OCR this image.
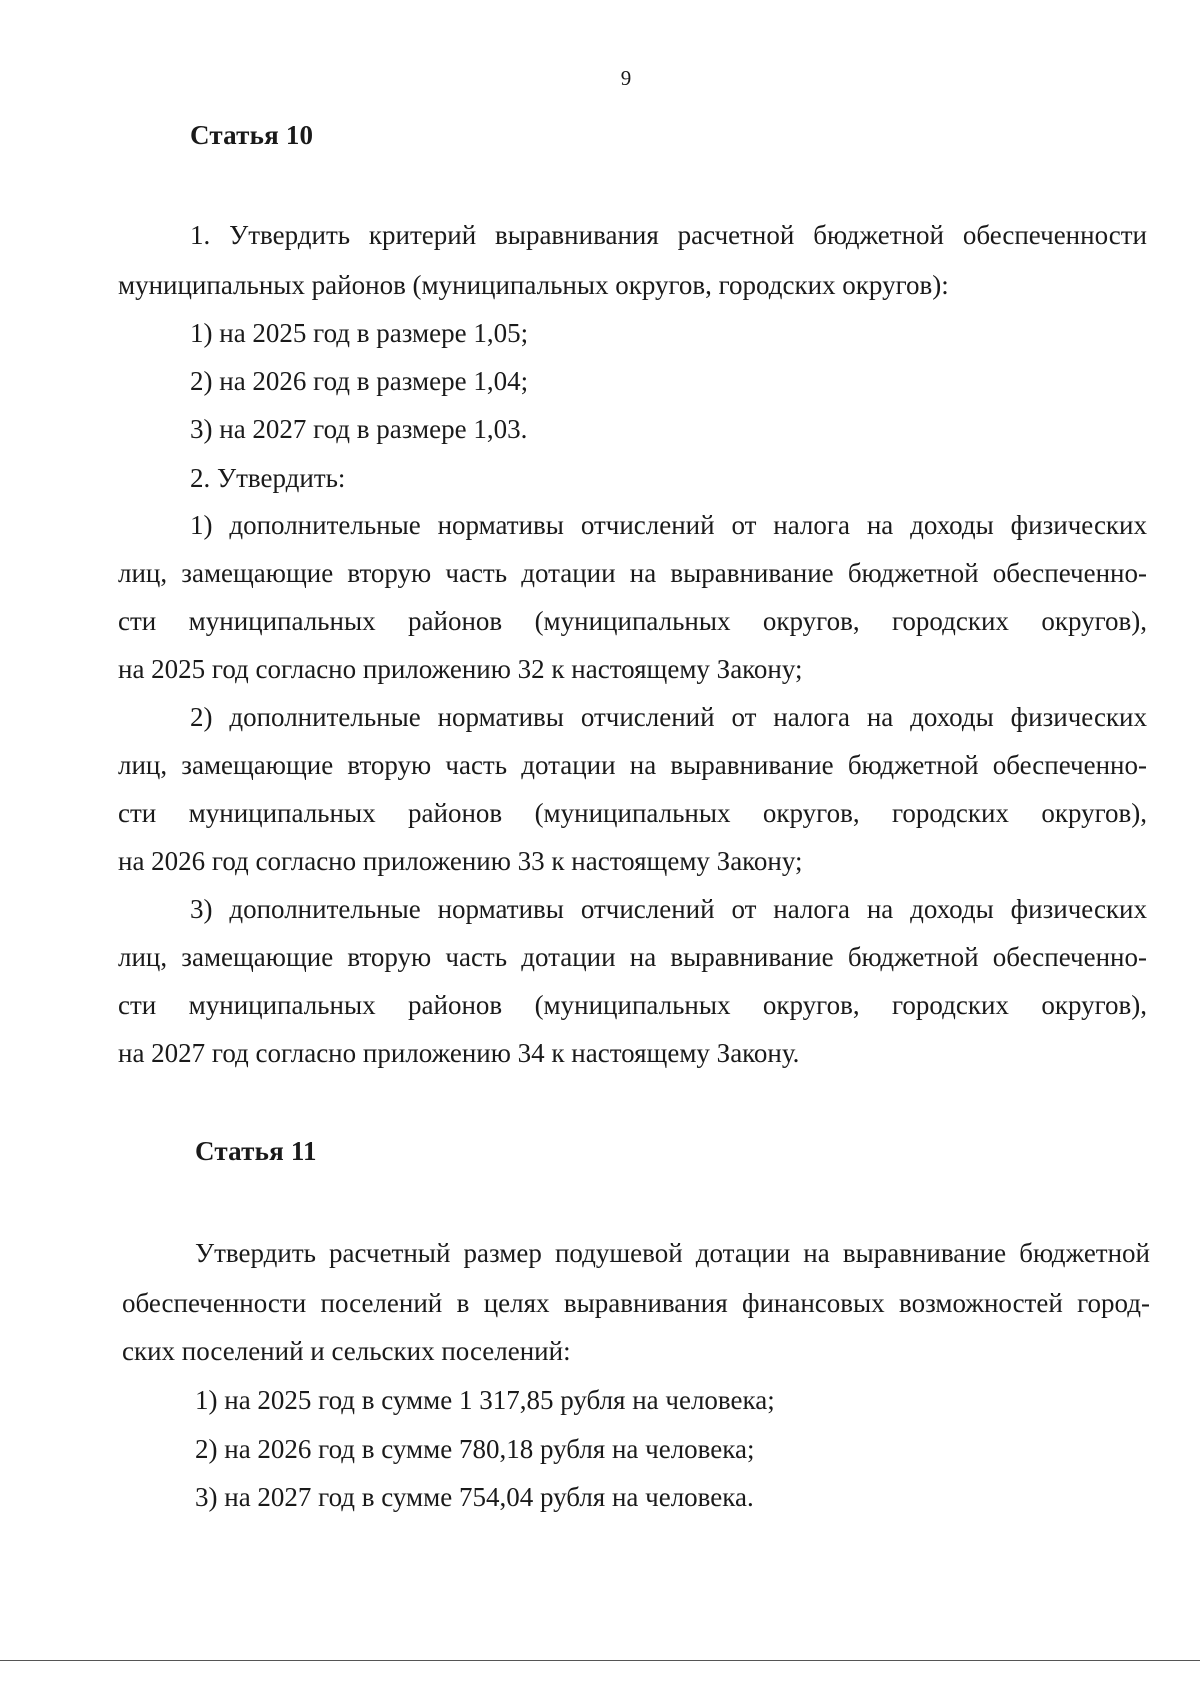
9
Статья 10
1. Утвердить критерий выравнивания расчетной бюджетной обеспеченности
муниципальных районов (муниципальных округов, городских округов):
1) на 2025 год в размере 1,05;
2) на 2026 год в размере 1,04;
3) на 2027 год в размере 1,03.
2. Утвердить:
1) дополнительные нормативы отчислений от налога на доходы физических
лиц, замещающие вторую часть дотации на выравнивание бюджетной обеспеченно-
сти муниципальных районов (муниципальных округов, городских округов),
на 2025 год согласно приложению 32 к настоящему Закону;
2) дополнительные нормативы отчислений от налога на доходы физических
лиц, замещающие вторую часть дотации на выравнивание бюджетной обеспеченно-
сти муниципальных районов (муниципальных округов, городских округов),
на 2026 год согласно приложению 33 к настоящему Закону;
3) дополнительные нормативы отчислений от налога на доходы физических
лиц, замещающие вторую часть дотации на выравнивание бюджетной обеспеченно-
сти муниципальных районов (муниципальных округов, городских округов),
на 2027 год согласно приложению 34 к настоящему Закону.
Статья 11
Утвердить расчетный размер подушевой дотации на выравнивание бюджетной
обеспеченности поселений в целях выравнивания финансовых возможностей город-
ских поселений и сельских поселений:
1) на 2025 год в сумме 1 317,85 рубля на человека;
2) на 2026 год в сумме 780,18 рубля на человека;
3) на 2027 год в сумме 754,04 рубля на человека.
